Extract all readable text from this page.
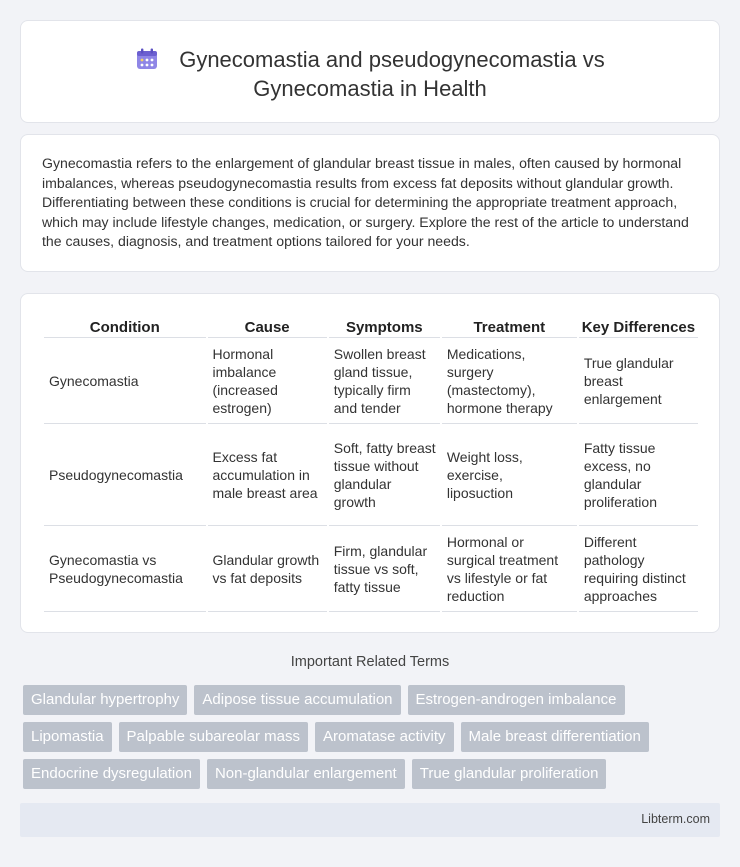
Gynecomastia and pseudogynecomastia vs
Gynecomastia in Health

Gynecomastia refers to the enlargement of glandular breast tissue in males, often caused by hormonal imbalances, whereas pseudogynecomastia results from excess fat deposits without glandular growth. Differentiating between these conditions is crucial for determining the appropriate treatment approach, which may include lifestyle changes, medication, or surgery. Explore the rest of the article to understand the causes, diagnosis, and treatment options tailored for your needs.

Condition	Cause	Symptoms	Treatment	Key Differences
Gynecomastia	Hormonal imbalance (increased estrogen)	Swollen breast gland tissue, typically firm and tender	Medications, surgery (mastectomy), hormone therapy	True glandular breast enlargement
Pseudogynecomastia	Excess fat accumulation in male breast area	Soft, fatty breast tissue without glandular growth	Weight loss, exercise, liposuction	Fatty tissue excess, no glandular proliferation
Gynecomastia vs Pseudogynecomastia	Glandular growth vs fat deposits	Firm, glandular tissue vs soft, fatty tissue	Hormonal or surgical treatment vs lifestyle or fat reduction	Different pathology requiring distinct approaches
Important Related Terms
Glandular hypertrophy Adipose tissue accumulation Estrogen-androgen imbalance
Lipomastia Palpable subareolar mass Aromatase activity Male breast differentiation
Endocrine dysregulation Non-glandular enlargement True glandular proliferation
Libterm.com
